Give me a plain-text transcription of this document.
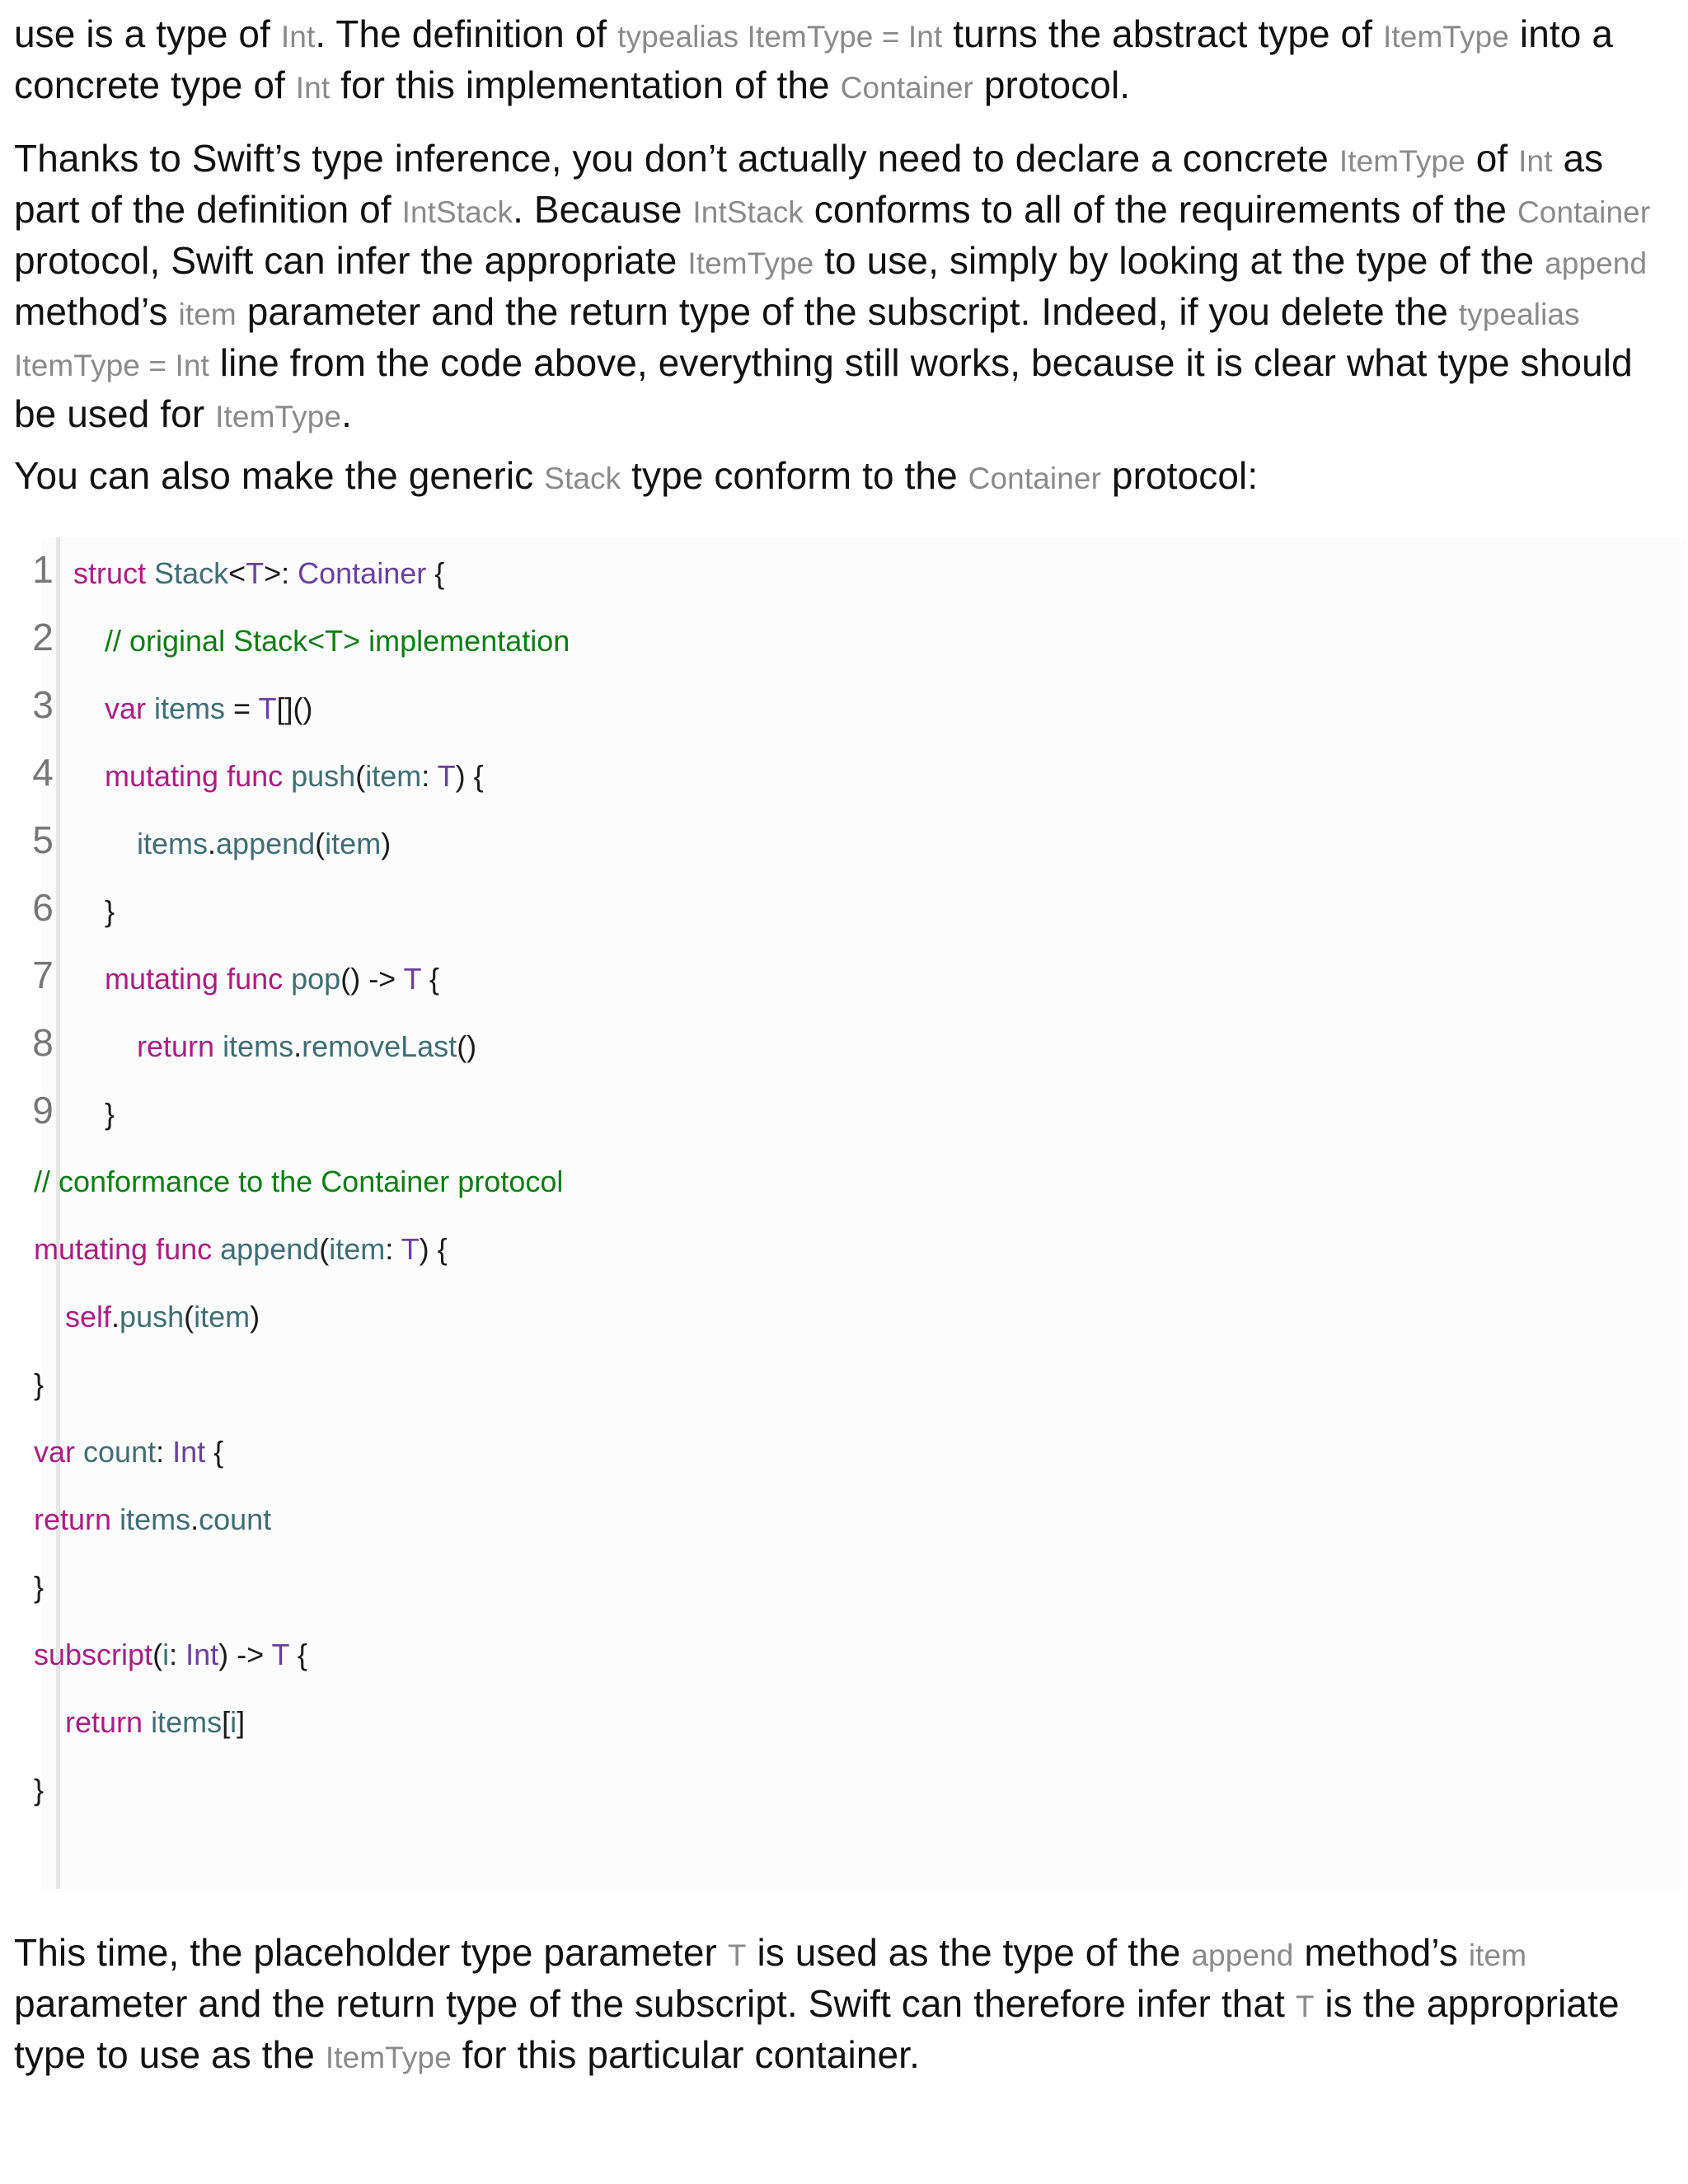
use is a type of Int. The definition of typealias ItemType = Int turns the abstract type of ItemType into a concrete type of Int for this implementation of the Container protocol.

Thanks to Swift’s type inference, you don’t actually need to declare a concrete ItemType of Int as part of the definition of IntStack. Because IntStack conforms to all of the requirements of the Container protocol, Swift can infer the appropriate ItemType to use, simply by looking at the type of the append method’s item parameter and the return type of the subscript. Indeed, if you delete the typealias ItemType = Int line from the code above, everything still works, because it is clear what type should be used for ItemType.

You can also make the generic Stack type conform to the Container protocol:

This time, the placeholder type parameter T is used as the type of the append method’s item parameter and the return type of the subscript. Swift can therefore infer that T is the appropriate type to use as the ItemType for this particular container.

1
2
3
4
5
6
7
8
9
struct Stack<T>: Container {
// original Stack<T> implementation
var items = T[]()
mutating func push(item: T) {
items.append(item)
}
mutating func pop() -> T {
return items.removeLast()
}
// conformance to the Container protocol
mutating func append(item: T) {
self.push(item)
}
var count: Int {
return items.count
}
subscript(i: Int) -> T {
return items[i]
}
